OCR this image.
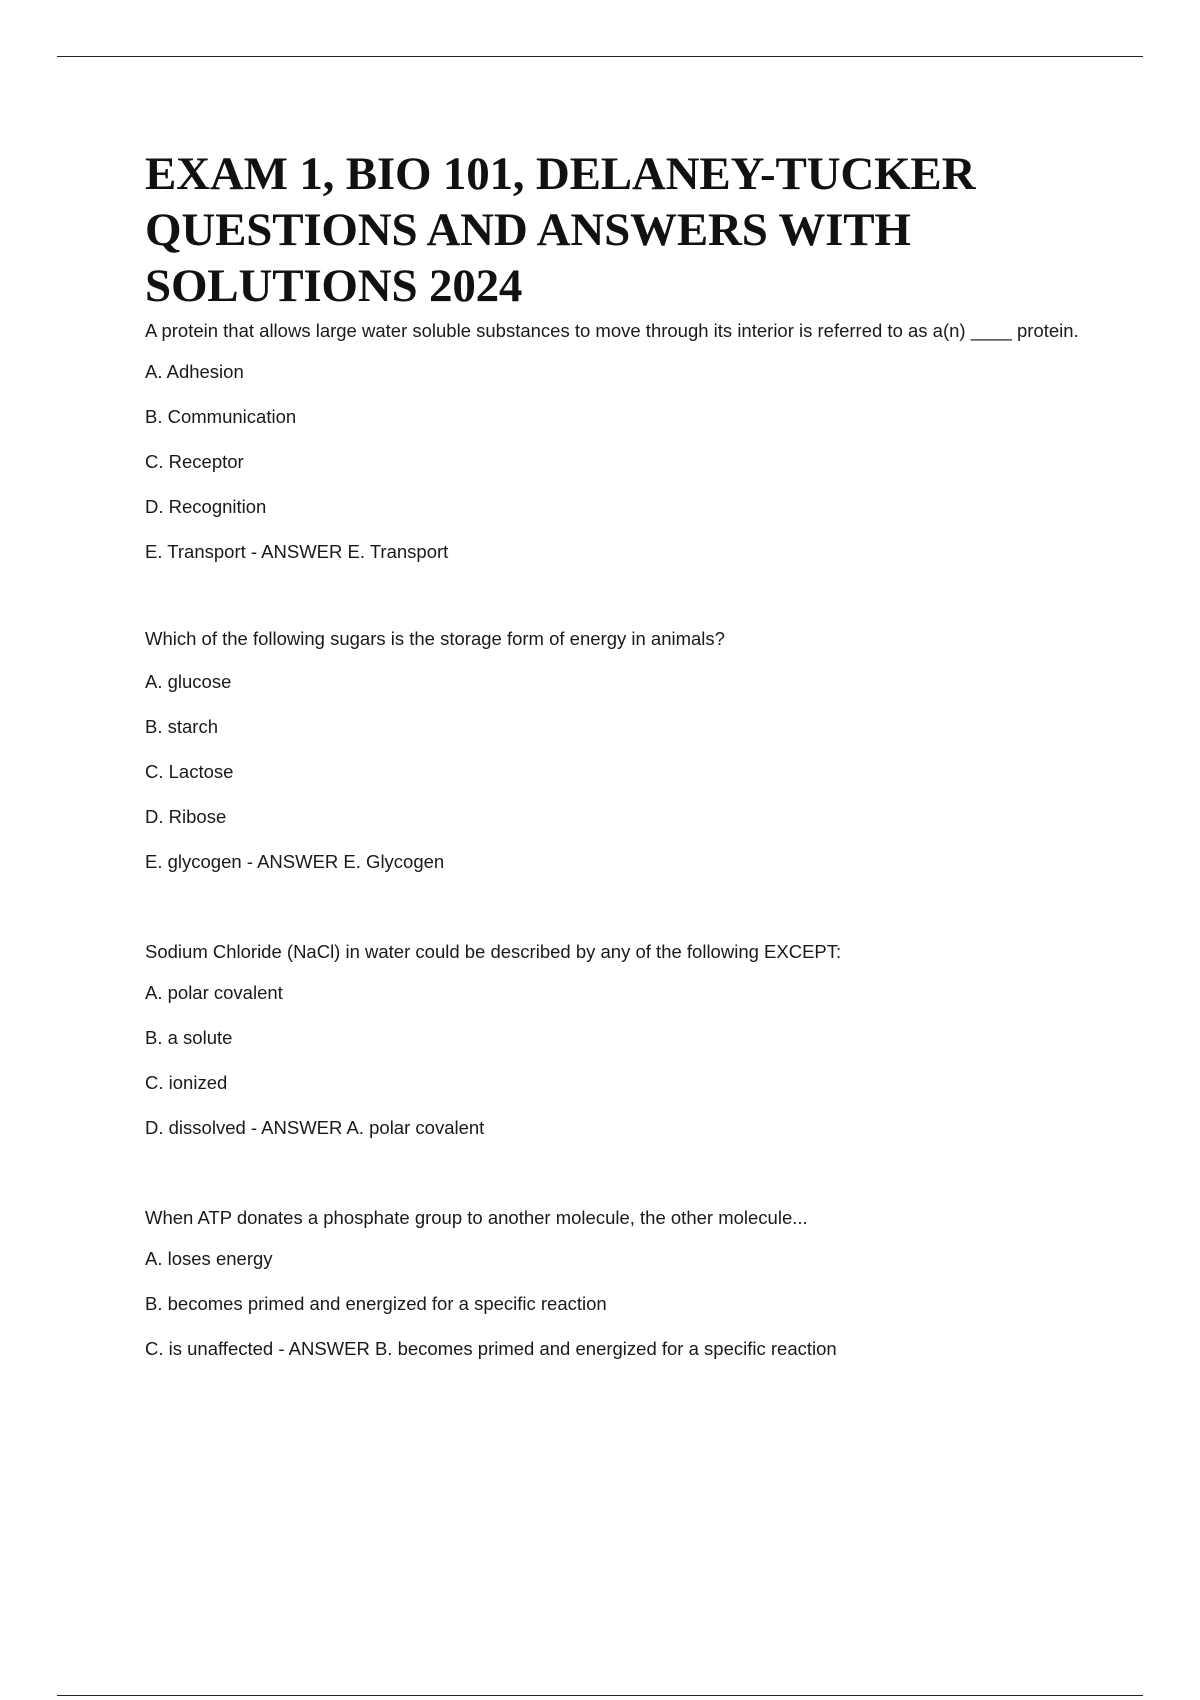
EXAM 1, BIO 101, DELANEY-TUCKER QUESTIONS AND ANSWERS WITH SOLUTIONS 2024

A protein that allows large water soluble substances to move through its interior is referred to as a(n) ____ protein.

A. Adhesion

B. Communication

C. Receptor

D. Recognition

E. Transport - ANSWER E. Transport

Which of the following sugars is the storage form of energy in animals?

A. glucose

B. starch

C. Lactose

D. Ribose

E. glycogen - ANSWER E. Glycogen

Sodium Chloride (NaCl) in water could be described by any of the following EXCEPT:

A. polar covalent

B. a solute

C. ionized

D. dissolved - ANSWER A. polar covalent

When ATP donates a phosphate group to another molecule, the other molecule...

A. loses energy

B. becomes primed and energized for a specific reaction

C. is unaffected - ANSWER B. becomes primed and energized for a specific reaction
